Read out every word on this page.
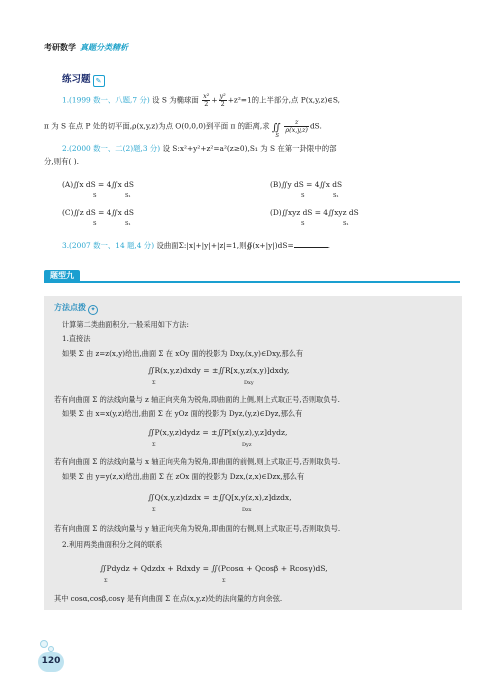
考研数学 真题分类精析
练习题 ✎
1.(1999 数一、八题,7 分) 设 S 为椭球面 $\frac{\text{x²}}{2} + \frac{\text{y²}}{2} +z^2=1$的上半部分,点 P(x,y,z)∈S,
π 为 S 在点 P 处的切平面,ρ(x,y,z)为点 O(0,0,0)到平面 π 的距离,求 ∬S
$\frac{z}{\rho(x,y,z)}$ dS.
2.(2000 数一、二(2)题,3 分) 设 S:x²+y²+z²=a²(z≥0),S₁ 为 S 在第一卦限中的部
分,则有( ).
(A)∬x dS = 4∬x dS	(B)∬y dS = 4∬x dS
(C)∬z dS = 4∬x dS	(D)∬xyz dS = 4∬xyz dS
S	S₁	S	S₁
S	S₁	S	S₁
3.(2007 数一、14 题,4 分) 设曲面Σ:|x|+|y|+|z|=1,则∯(x+|y|)dS=	.
题型九	第二类曲面积分的计算
方法点拨 ✦
计算第二类曲面积分,一般采用如下方法:
1.直接法
如果 Σ 由 z=z(x,y)给出,曲面 Σ 在 xOy 面的投影为 Dxy,(x,y)∈Dxy,那么有
∬R(x,y,z)dxdy = ±∬R[x,y,z(x,y)]dxdy,
Σ	Dxy
若有向曲面 Σ 的法线向量与 z 轴正向夹角为锐角,即曲面的上侧,则上式取正号,否则取负号.
如果 Σ 由 x=x(y,z)给出,曲面 Σ 在 yOz 面的投影为 Dyz,(y,z)∈Dyz,那么有
∬P(x,y,z)dydz = ±∬P[x(y,z),y,z]dydz,
Σ	Dyz
若有向曲面 Σ 的法线向量与 x 轴正向夹角为锐角,即曲面的前侧,则上式取正号,否则取负号.
如果 Σ 由 y=y(z,x)给出,曲面 Σ 在 zOx 面的投影为 Dzx,(z,x)∈Dzx,那么有
∬Q(x,y,z)dzdx = ±∬Q[x,y(z,x),z]dzdx,
Σ	Dzx
若有向曲面 Σ 的法线向量与 y 轴正向夹角为锐角,即曲面的右侧,则上式取正号,否则取负号.
2.利用两类曲面积分之间的联系
∬Pdydz + Qdzdx + Rdxdy = ∬(Pcosα + Qcosβ + Rcosγ)dS,
Σ	Σ
其中 cosα,cosβ,cosγ 是有向曲面 Σ 在点(x,y,z)处的法向量的方向余弦.
120
